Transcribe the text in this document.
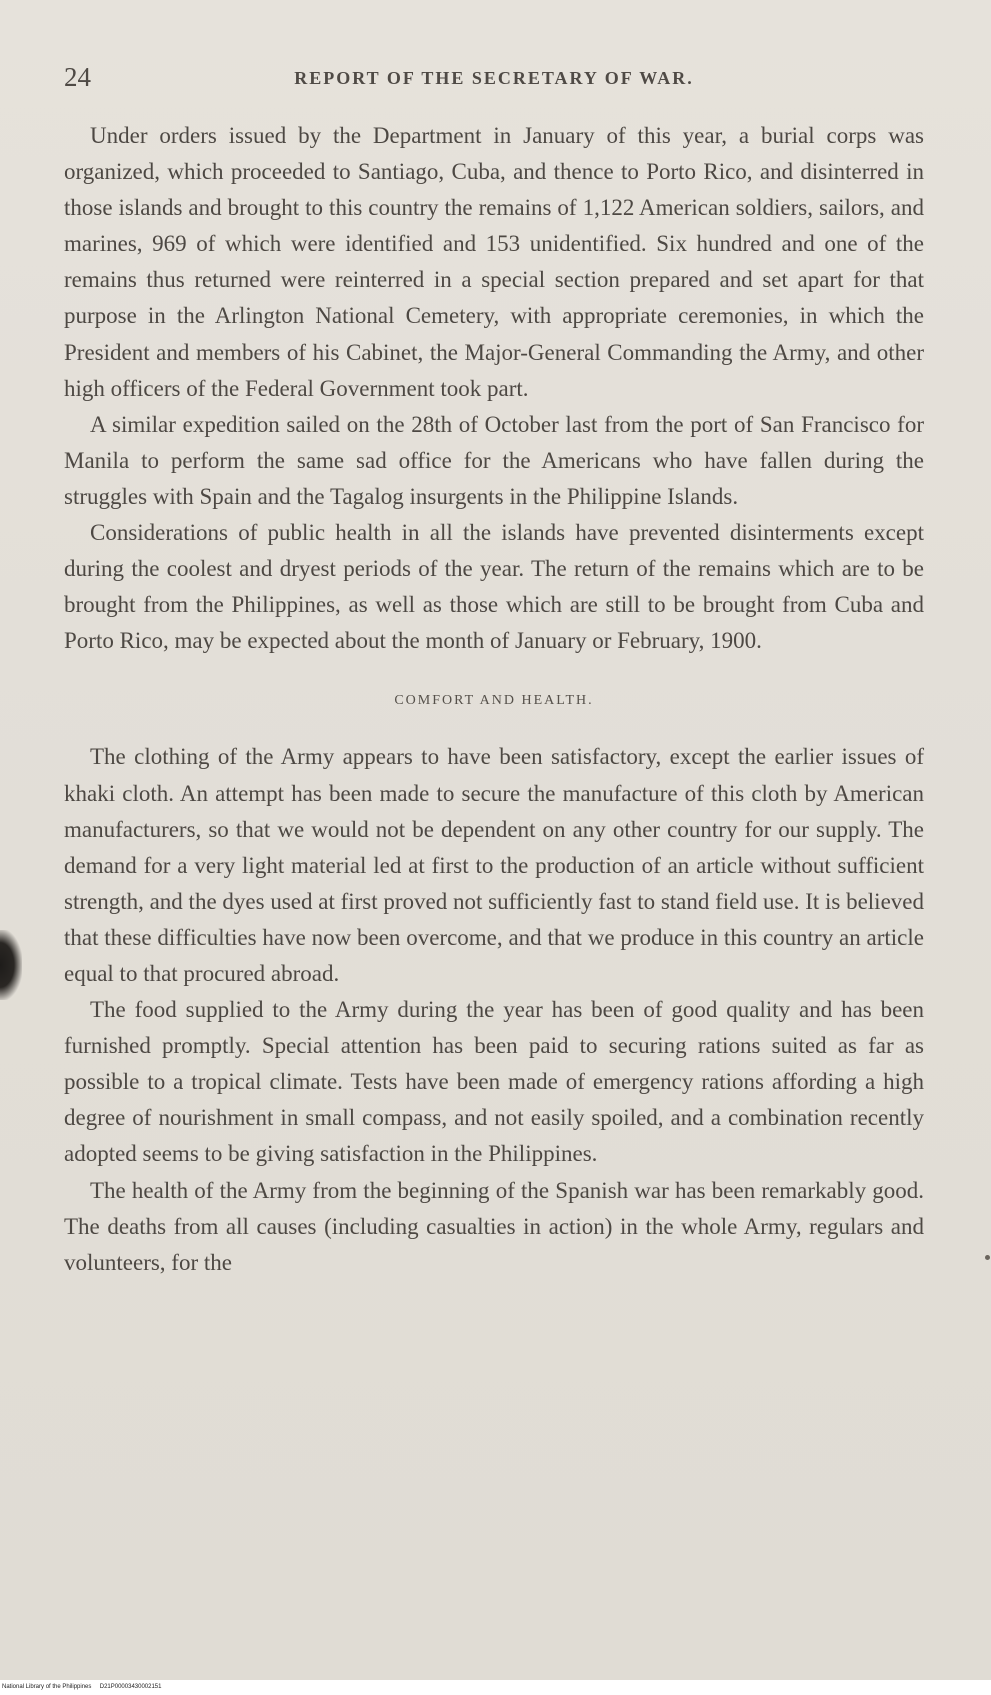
24	REPORT OF THE SECRETARY OF WAR.

Under orders issued by the Department in January of this year, a burial corps was organized, which proceeded to Santiago, Cuba, and thence to Porto Rico, and disinterred in those islands and brought to this country the remains of 1,122 American soldiers, sailors, and marines, 969 of which were identified and 153 unidentified. Six hundred and one of the remains thus returned were reinterred in a special section prepared and set apart for that purpose in the Arlington National Cemetery, with appropriate ceremonies, in which the President and members of his Cabinet, the Major-General Commanding the Army, and other high officers of the Federal Government took part.

A similar expedition sailed on the 28th of October last from the port of San Francisco for Manila to perform the same sad office for the Americans who have fallen during the struggles with Spain and the Tagalog insurgents in the Philippine Islands.

Considerations of public health in all the islands have prevented disinterments except during the coolest and dryest periods of the year. The return of the remains which are to be brought from the Philippines, as well as those which are still to be brought from Cuba and Porto Rico, may be expected about the month of January or February, 1900.

COMFORT AND HEALTH.

The clothing of the Army appears to have been satisfactory, except the earlier issues of khaki cloth. An attempt has been made to secure the manufacture of this cloth by American manufacturers, so that we would not be dependent on any other country for our supply. The demand for a very light material led at first to the production of an article without sufficient strength, and the dyes used at first proved not sufficiently fast to stand field use. It is believed that these difficulties have now been overcome, and that we produce in this country an article equal to that procured abroad.

The food supplied to the Army during the year has been of good quality and has been furnished promptly. Special attention has been paid to securing rations suited as far as possible to a tropical climate. Tests have been made of emergency rations affording a high degree of nourishment in small compass, and not easily spoiled, and a combination recently adopted seems to be giving satisfaction in the Philippines.

The health of the Army from the beginning of the Spanish war has been remarkably good. The deaths from all causes (including casualties in action) in the whole Army, regulars and volunteers, for the

National Library of the Philippines D21P00003430002151
